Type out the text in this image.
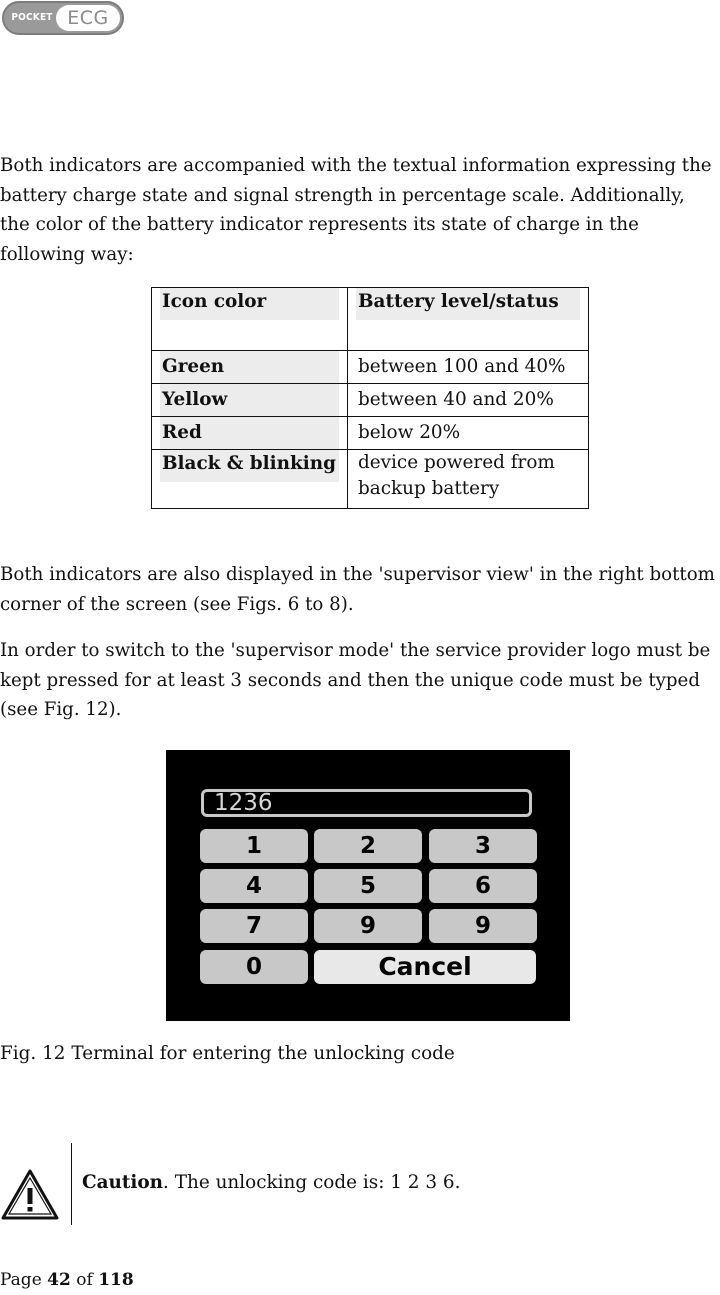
POCKET ECG
Both indicators are accompanied with the textual information expressing the battery charge state and signal strength in percentage scale. Additionally, the color of the battery indicator represents its state of charge in the following way:
Icon color	Battery level/status

Green	between 100 and 40%

Yellow	between 40 and 20%

Red	below 20%

Black & blinking	device powered from backup battery
Both indicators are also displayed in the 'supervisor view' in the right bottom corner of the screen (see Figs. 6 to 8).
In order to switch to the 'supervisor mode' the service provider logo must be kept pressed for at least 3 seconds and then the unique code must be typed (see Fig. 12).
1236
1	2	3
4	5	6
7	9	9
0	Cancel
Fig. 12 Terminal for entering the unlocking code
Caution. The unlocking code is: 1 2 3 6.
Page 42 of 118
